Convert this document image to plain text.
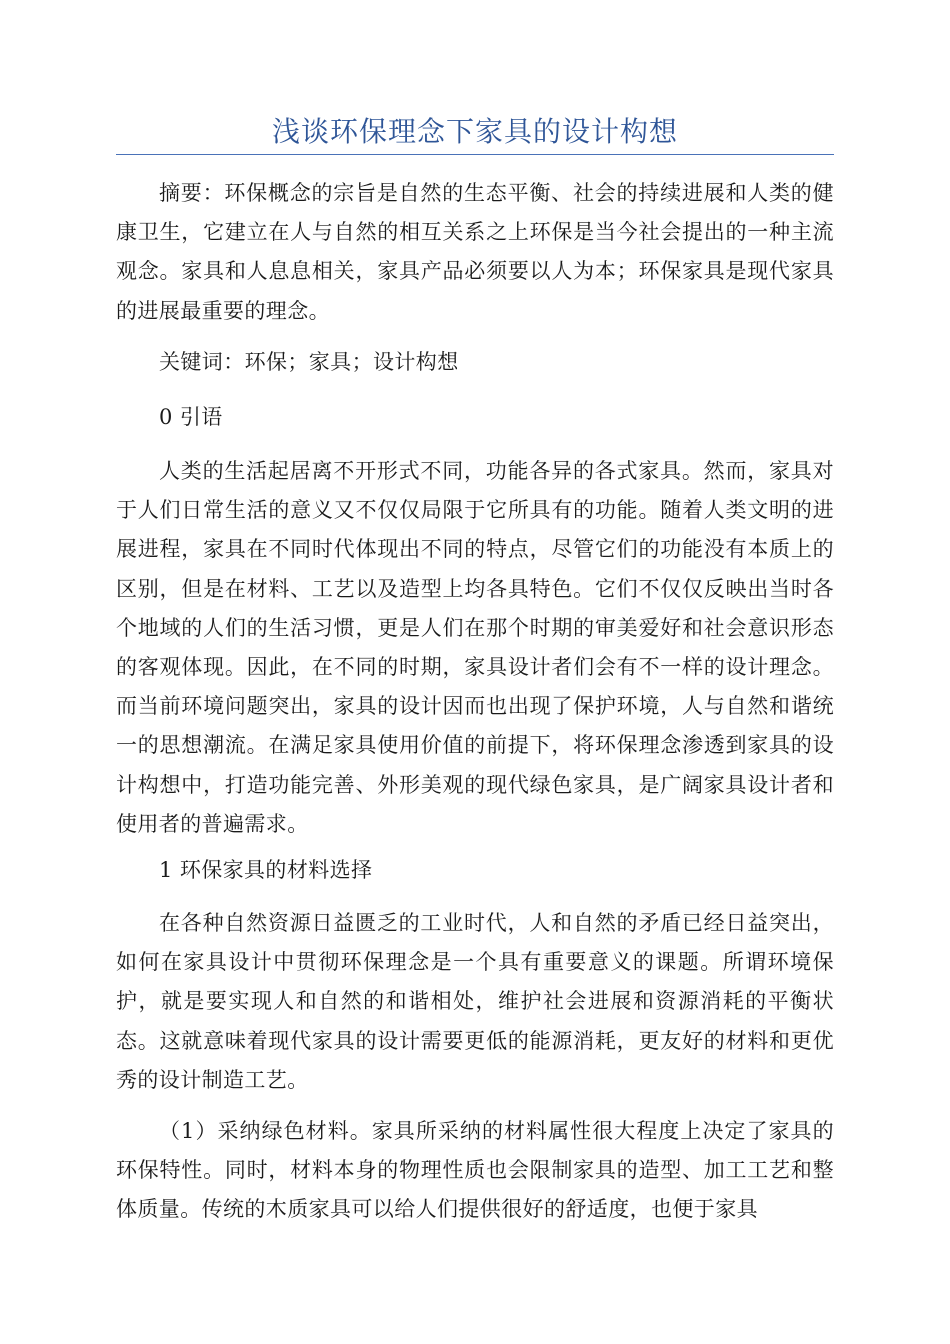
浅谈环保理念下家具的设计构想

摘要：环保概念的宗旨是自然的生态平衡、社会的持续进展和人类的健康卫生，它建立在人与自然的相互关系之上环保是当今社会提出的一种主流观念。家具和人息息相关，家具产品必须要以人为本；环保家具是现代家具的进展最重要的理念。

关键词：环保；家具；设计构想

0 引语

人类的生活起居离不开形式不同，功能各异的各式家具。然而，家具对于人们日常生活的意义又不仅仅局限于它所具有的功能。随着人类文明的进展进程，家具在不同时代体现出不同的特点，尽管它们的功能没有本质上的区别，但是在材料、工艺以及造型上均各具特色。它们不仅仅反映出当时各个地域的人们的生活习惯，更是人们在那个时期的审美爱好和社会意识形态的客观体现。因此，在不同的时期，家具设计者们会有不一样的设计理念。而当前环境问题突出，家具的设计因而也出现了保护环境，人与自然和谐统一的思想潮流。在满足家具使用价值的前提下，将环保理念渗透到家具的设计构想中，打造功能完善、外形美观的现代绿色家具，是广阔家具设计者和使用者的普遍需求。

1 环保家具的材料选择

在各种自然资源日益匮乏的工业时代，人和自然的矛盾已经日益突出，如何在家具设计中贯彻环保理念是一个具有重要意义的课题。所谓环境保护，就是要实现人和自然的和谐相处，维护社会进展和资源消耗的平衡状态。这就意味着现代家具的设计需要更低的能源消耗，更友好的材料和更优秀的设计制造工艺。

（1）采纳绿色材料。家具所采纳的材料属性很大程度上决定了家具的环保特性。同时，材料本身的物理性质也会限制家具的造型、加工工艺和整体质量。传统的木质家具可以给人们提供很好的舒适度，也便于家具
